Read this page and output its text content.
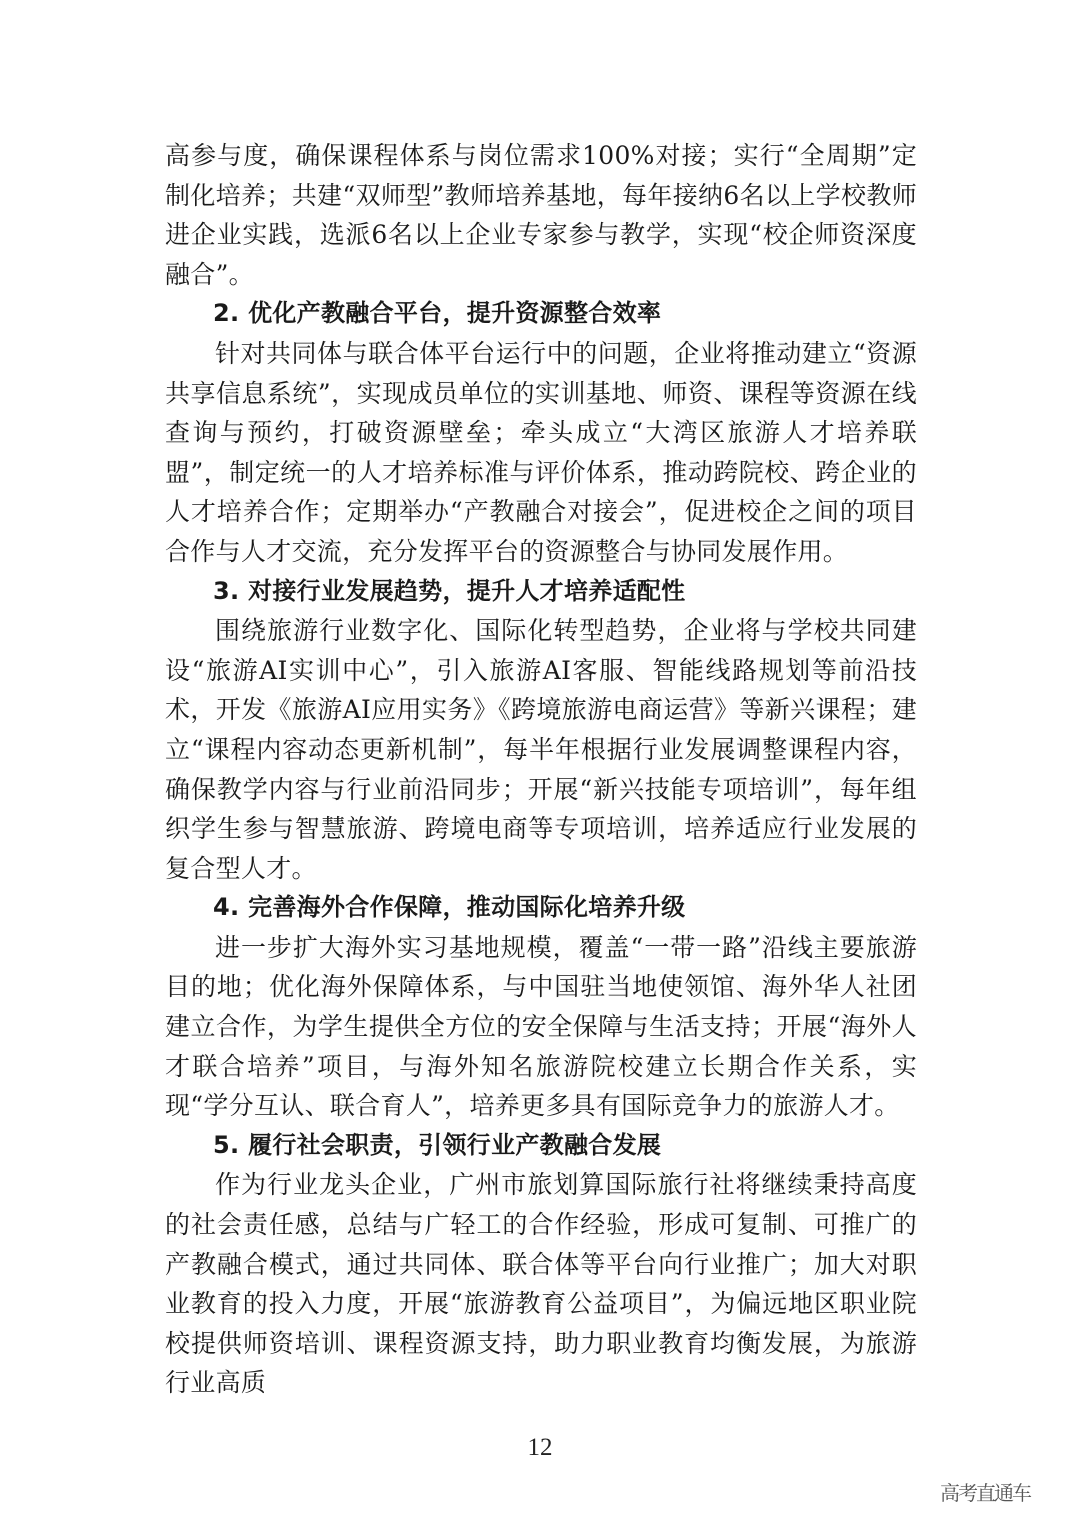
高参与度，确保课程体系与岗位需求100%对接；实行“全周期”定制化培养；共建“双师型”教师培养基地，每年接纳6名以上学校教师进企业实践，选派6名以上企业专家参与教学，实现“校企师资深度融合”。

2. 优化产教融合平台，提升资源整合效率

针对共同体与联合体平台运行中的问题，企业将推动建立“资源共享信息系统”，实现成员单位的实训基地、师资、课程等资源在线查询与预约，打破资源壁垒；牵头成立“大湾区旅游人才培养联盟”，制定统一的人才培养标准与评价体系，推动跨院校、跨企业的人才培养合作；定期举办“产教融合对接会”，促进校企之间的项目合作与人才交流，充分发挥平台的资源整合与协同发展作用。

3. 对接行业发展趋势，提升人才培养适配性

围绕旅游行业数字化、国际化转型趋势，企业将与学校共同建设“旅游AI实训中心”，引入旅游AI客服、智能线路规划等前沿技术，开发《旅游AI应用实务》《跨境旅游电商运营》等新兴课程；建立“课程内容动态更新机制”，每半年根据行业发展调整课程内容，确保教学内容与行业前沿同步；开展“新兴技能专项培训”，每年组织学生参与智慧旅游、跨境电商等专项培训，培养适应行业发展的复合型人才。

4. 完善海外合作保障，推动国际化培养升级

进一步扩大海外实习基地规模，覆盖“一带一路”沿线主要旅游目的地；优化海外保障体系，与中国驻当地使领馆、海外华人社团建立合作，为学生提供全方位的安全保障与生活支持；开展“海外人才联合培养”项目，与海外知名旅游院校建立长期合作关系，实现“学分互认、联合育人”，培养更多具有国际竞争力的旅游人才。

5. 履行社会职责，引领行业产教融合发展

作为行业龙头企业，广州市旅划算国际旅行社将继续秉持高度的社会责任感，总结与广轻工的合作经验，形成可复制、可推广的产教融合模式，通过共同体、联合体等平台向行业推广；加大对职业教育的投入力度，开展“旅游教育公益项目”，为偏远地区职业院校提供师资培训、课程资源支持，助力职业教育均衡发展，为旅游行业高质

12
高考直通车
